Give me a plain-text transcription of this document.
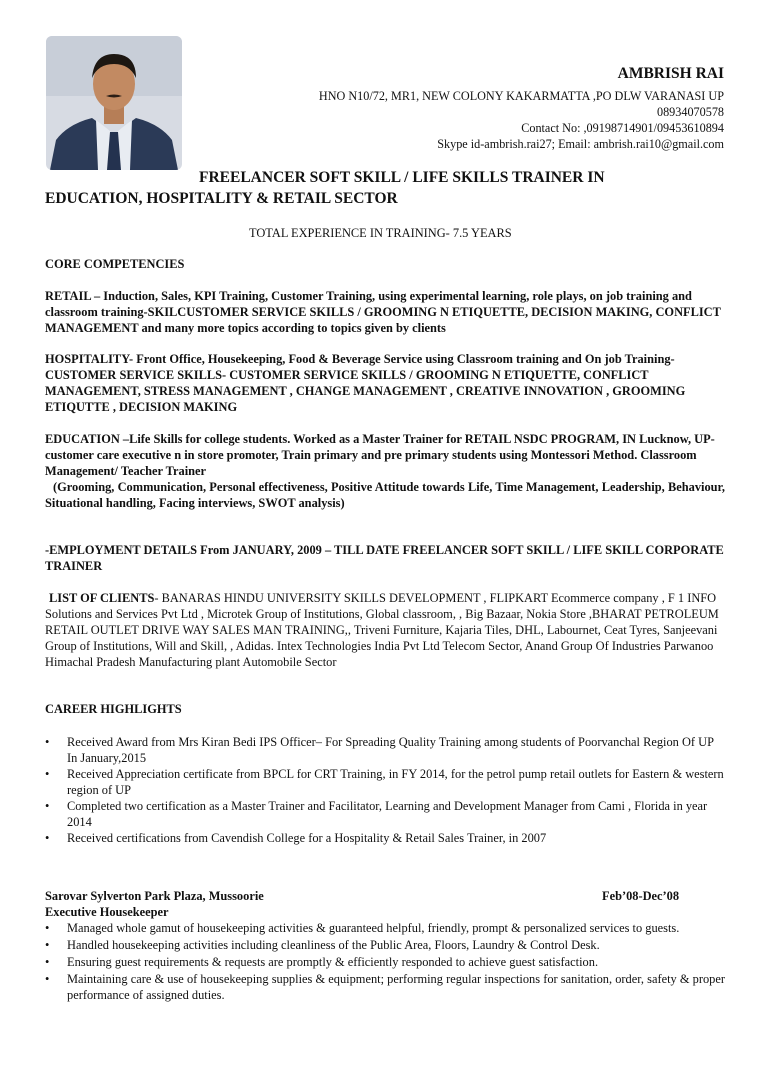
AMBRISH RAI
HNO N10/72, MR1, NEW COLONY KAKARMATTA ,PO DLW VARANASI UP
08934070578
Contact No: ,09198714901/09453610894
Skype id-ambrish.rai27; Email: ambrish.rai10@gmail.com
FREELANCER SOFT SKILL / LIFE SKILLS TRAINER IN
EDUCATION, HOSPITALITY & RETAIL SECTOR
TOTAL EXPERIENCE IN TRAINING- 7.5 YEARS
CORE COMPETENCIES
RETAIL – Induction, Sales, KPI Training, Customer Training, using experimental learning, role plays, on job training and classroom training-SKILCUSTOMER SERVICE SKILLS / GROOMING N ETIQUETTE, DECISION MAKING, CONFLICT MANAGEMENT and many more topics according to topics given by clients
HOSPITALITY- Front Office, Housekeeping, Food & Beverage Service using Classroom training and On job Training- CUSTOMER SERVICE SKILLS- CUSTOMER SERVICE SKILLS / GROOMING N ETIQUETTE, CONFLICT MANAGEMENT, STRESS MANAGEMENT , CHANGE MANAGEMENT , CREATIVE INNOVATION , GROOMING ETIQUTTE , DECISION MAKING
EDUCATION –Life Skills for college students. Worked as a Master Trainer for RETAIL NSDC PROGRAM, IN Lucknow, UP- customer care executive n in store promoter, Train primary and pre primary students using Montessori Method. Classroom Management/ Teacher Trainer
(Grooming, Communication, Personal effectiveness, Positive Attitude towards Life, Time Management, Leadership, Behaviour, Situational handling, Facing interviews, SWOT analysis)
-EMPLOYMENT DETAILS From JANUARY, 2009 – TILL DATE FREELANCER SOFT SKILL / LIFE SKILL CORPORATE TRAINER
LIST OF CLIENTS- BANARAS HINDU UNIVERSITY SKILLS DEVELOPMENT , FLIPKART Ecommerce company , F 1 INFO Solutions and Services Pvt Ltd , Microtek Group of Institutions, Global classroom, , Big Bazaar, Nokia Store ,BHARAT PETROLEUM RETAIL OUTLET DRIVE WAY SALES MAN TRAINING,, Triveni Furniture, Kajaria Tiles, DHL, Labournet, Ceat Tyres, Sanjeevani Group of Institutions, Will and Skill, , Adidas. Intex Technologies India Pvt Ltd Telecom Sector, Anand Group Of Industries Parwanoo Himachal Pradesh Manufacturing plant Automobile Sector
CAREER HIGHLIGHTS
• Received Award from Mrs Kiran Bedi IPS Officer– For Spreading Quality Training among students of Poorvanchal Region Of UP In January,2015
• Received Appreciation certificate from BPCL for CRT Training, in FY 2014, for the petrol pump retail outlets for Eastern & western region of UP
• Completed two certification as a Master Trainer and Facilitator, Learning and Development Manager from Cami , Florida in year 2014
• Received certifications from Cavendish College for a Hospitality & Retail Sales Trainer, in 2007
Sarovar Sylverton Park Plaza, Mussoorie	Feb’08-Dec’08
Executive Housekeeper
• Managed whole gamut of housekeeping activities & guaranteed helpful, friendly, prompt & personalized services to guests.
• Handled housekeeping activities including cleanliness of the Public Area, Floors, Laundry & Control Desk.
• Ensuring guest requirements & requests are promptly & efficiently responded to achieve guest satisfaction.
• Maintaining care & use of housekeeping supplies & equipment; performing regular inspections for sanitation, order, safety & proper performance of assigned duties.
